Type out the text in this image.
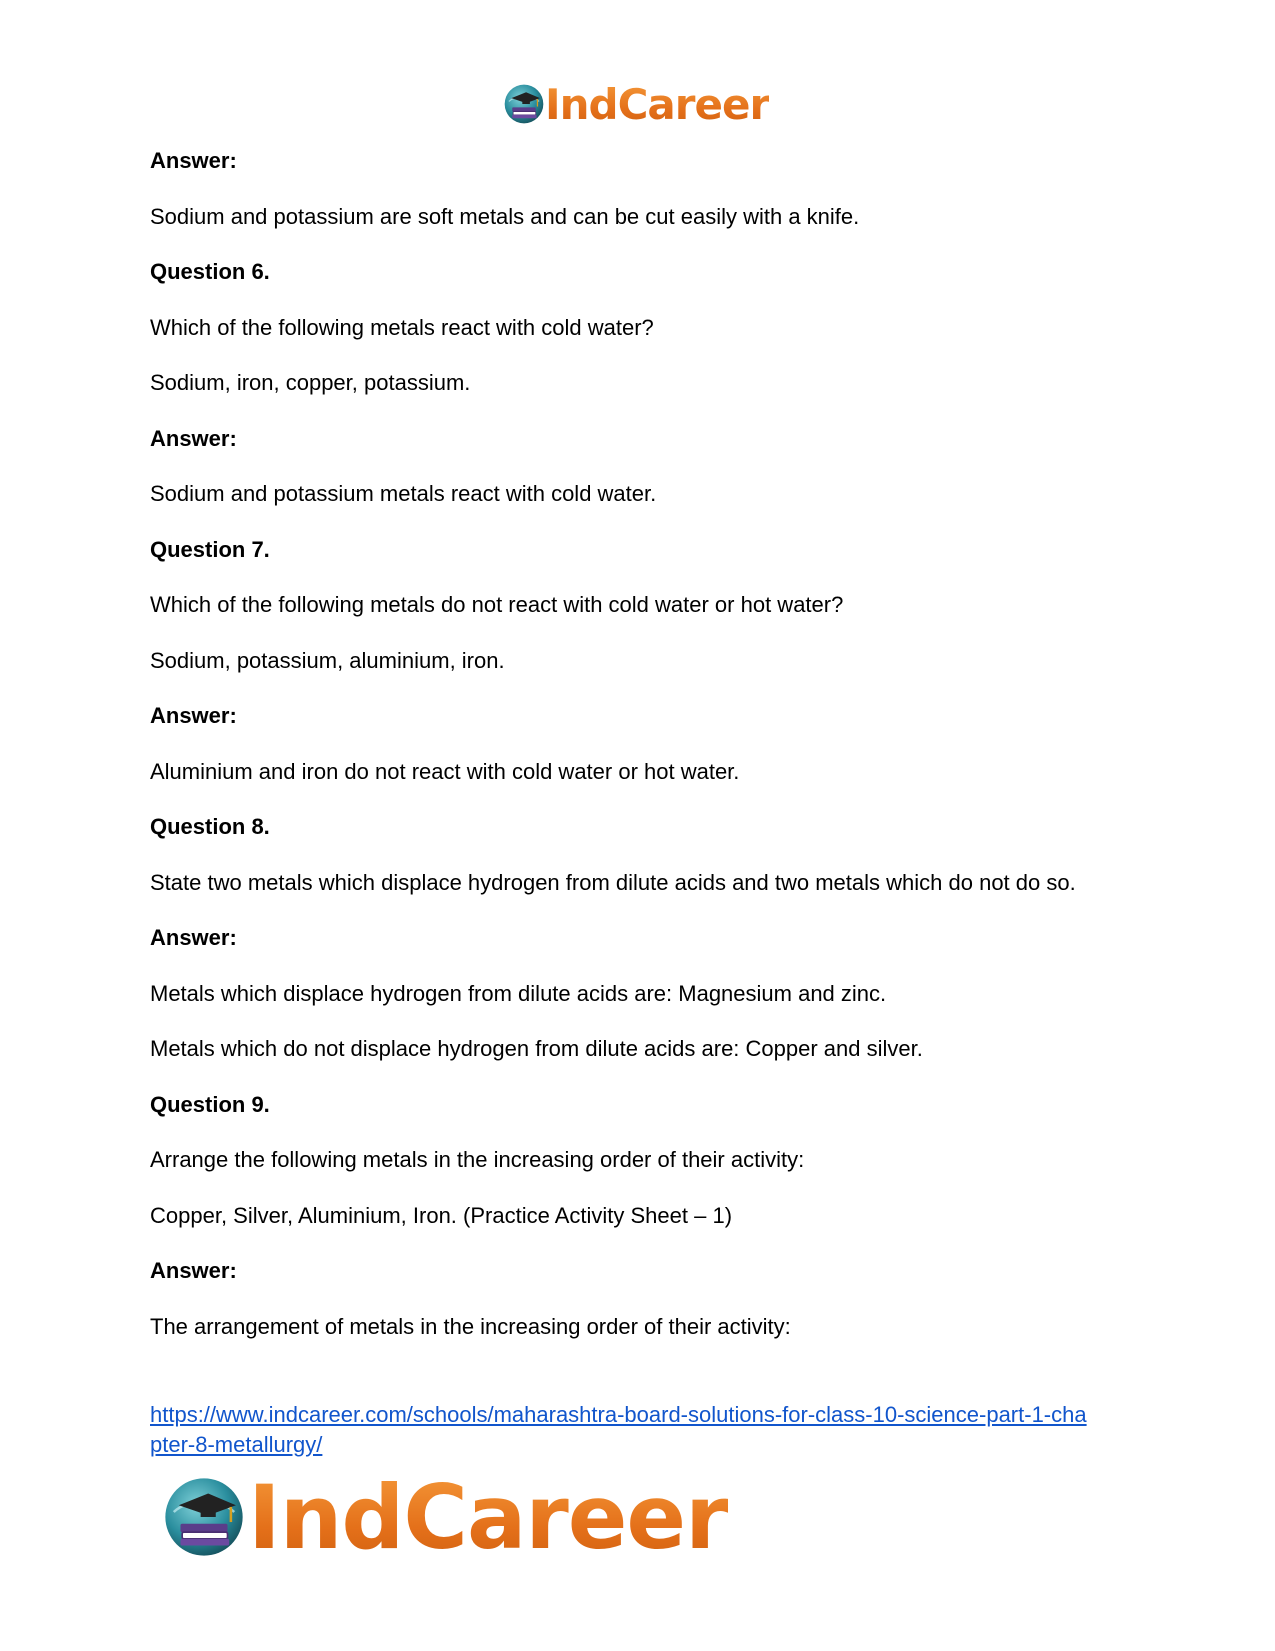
IndCareer
Answer:
Sodium and potassium are soft metals and can be cut easily with a knife.
Question 6.
Which of the following metals react with cold water?
Sodium, iron, copper, potassium.
Answer:
Sodium and potassium metals react with cold water.
Question 7.
Which of the following metals do not react with cold water or hot water?
Sodium, potassium, aluminium, iron.
Answer:
Aluminium and iron do not react with cold water or hot water.
Question 8.
State two metals which displace hydrogen from dilute acids and two metals which do not do so.
Answer:
Metals which displace hydrogen from dilute acids are: Magnesium and zinc.
Metals which do not displace hydrogen from dilute acids are: Copper and silver.
Question 9.
Arrange the following metals in the increasing order of their activity:
Copper, Silver, Aluminium, Iron. (Practice Activity Sheet – 1)
Answer:
The arrangement of metals in the increasing order of their activity:
https://www.indcareer.com/schools/maharashtra-board-solutions-for-class-10-science-part-1-cha
pter-8-metallurgy/
IndCareer
